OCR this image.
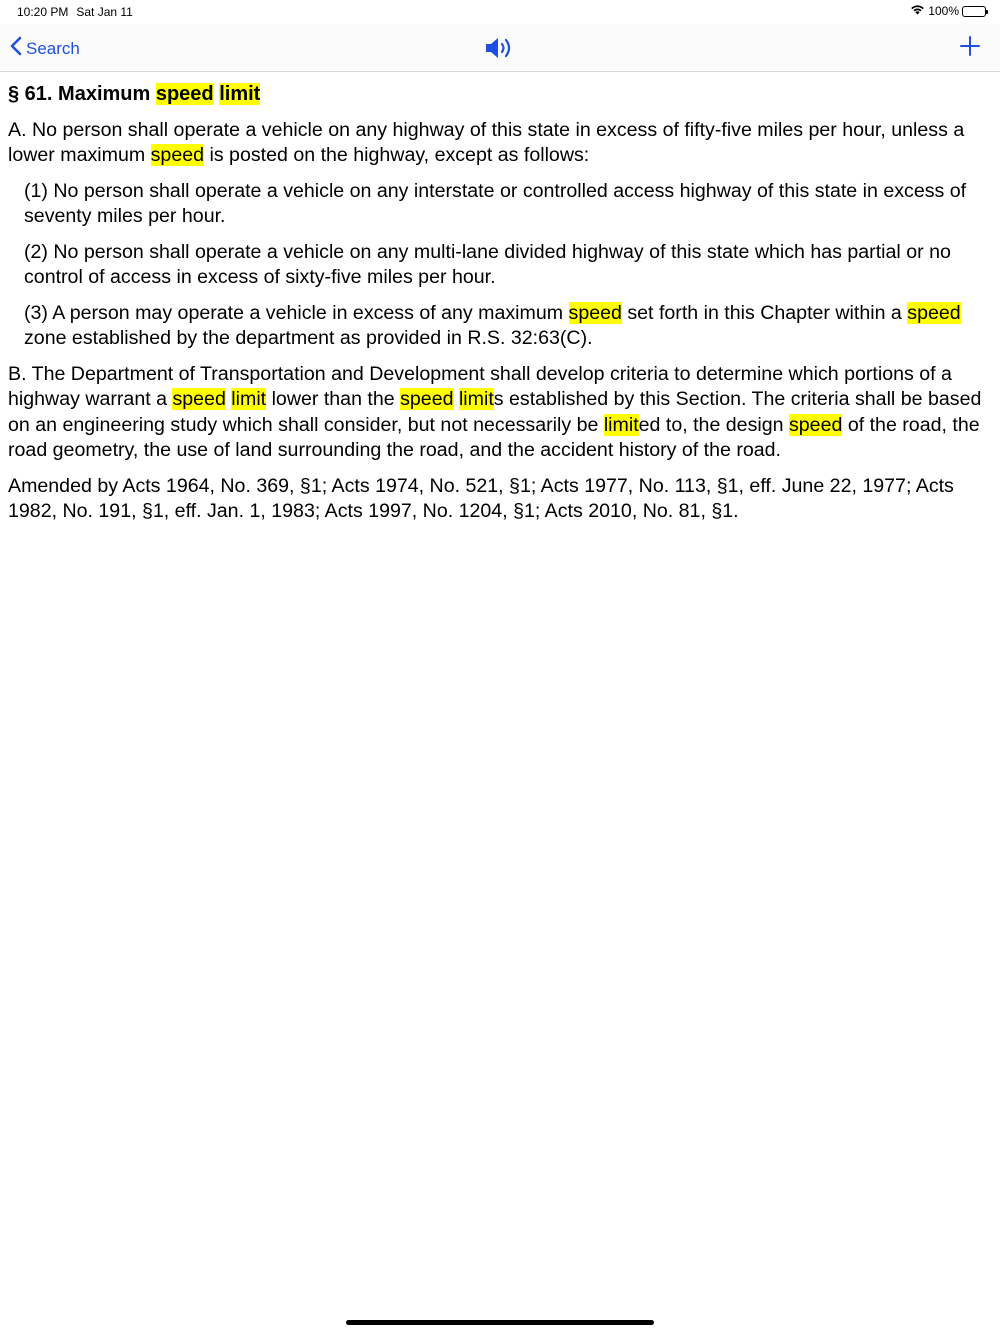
10:20 PM Sat Jan 11	100%
Search

§ 61. Maximum speed limit

A. No person shall operate a vehicle on any highway of this state in excess of fifty-five miles per hour, unless a lower maximum speed is posted on the highway, except as follows:

(1) No person shall operate a vehicle on any interstate or controlled access highway of this state in excess of seventy miles per hour.

(2) No person shall operate a vehicle on any multi-lane divided highway of this state which has partial or no control of access in excess of sixty-five miles per hour.

(3) A person may operate a vehicle in excess of any maximum speed set forth in this Chapter within a speed zone established by the department as provided in R.S. 32:63(C).

B. The Department of Transportation and Development shall develop criteria to determine which portions of a highway warrant a speed limit lower than the speed limits established by this Section. The criteria shall be based on an engineering study which shall consider, but not necessarily be limited to, the design speed of the road, the road geometry, the use of land surrounding the road, and the accident history of the road.

Amended by Acts 1964, No. 369, §1; Acts 1974, No. 521, §1; Acts 1977, No. 113, §1, eff. June 22, 1977; Acts 1982, No. 191, §1, eff. Jan. 1, 1983; Acts 1997, No. 1204, §1; Acts 2010, No. 81, §1.
